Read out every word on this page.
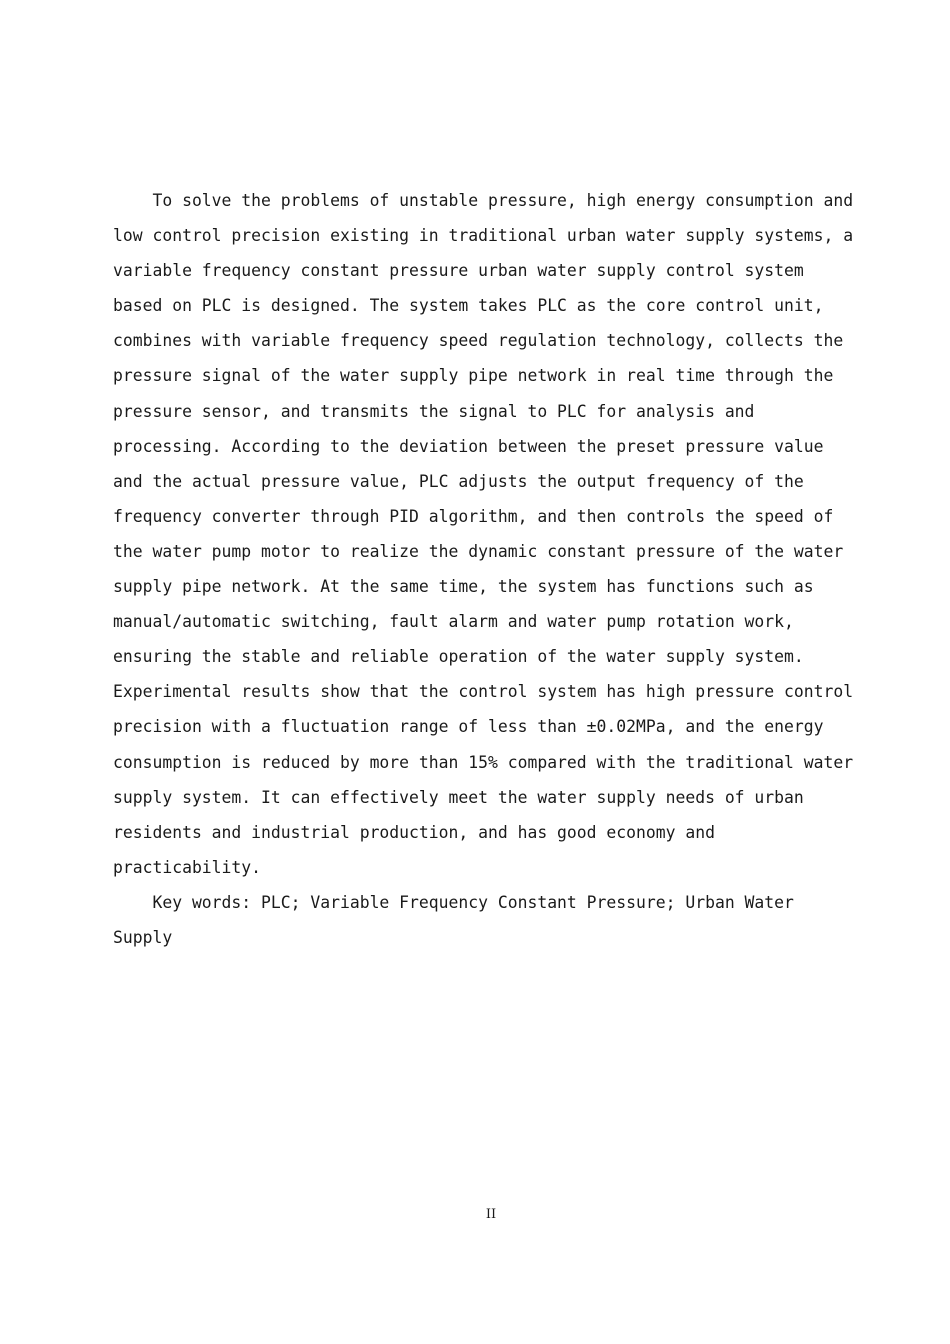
To solve the problems of unstable pressure, high energy consumption and
low control precision existing in traditional urban water supply systems, a
variable frequency constant pressure urban water supply control system
based on PLC is designed. The system takes PLC as the core control unit,
combines with variable frequency speed regulation technology, collects the
pressure signal of the water supply pipe network in real time through the
pressure sensor, and transmits the signal to PLC for analysis and
processing. According to the deviation between the preset pressure value
and the actual pressure value, PLC adjusts the output frequency of the
frequency converter through PID algorithm, and then controls the speed of
the water pump motor to realize the dynamic constant pressure of the water
supply pipe network. At the same time, the system has functions such as
manual/automatic switching, fault alarm and water pump rotation work,
ensuring the stable and reliable operation of the water supply system.
Experimental results show that the control system has high pressure control
precision with a fluctuation range of less than ±0.02MPa, and the energy
consumption is reduced by more than 15% compared with the traditional water
supply system. It can effectively meet the water supply needs of urban
residents and industrial production, and has good economy and
practicability.
Key words: PLC; Variable Frequency Constant Pressure; Urban Water
Supply
II
